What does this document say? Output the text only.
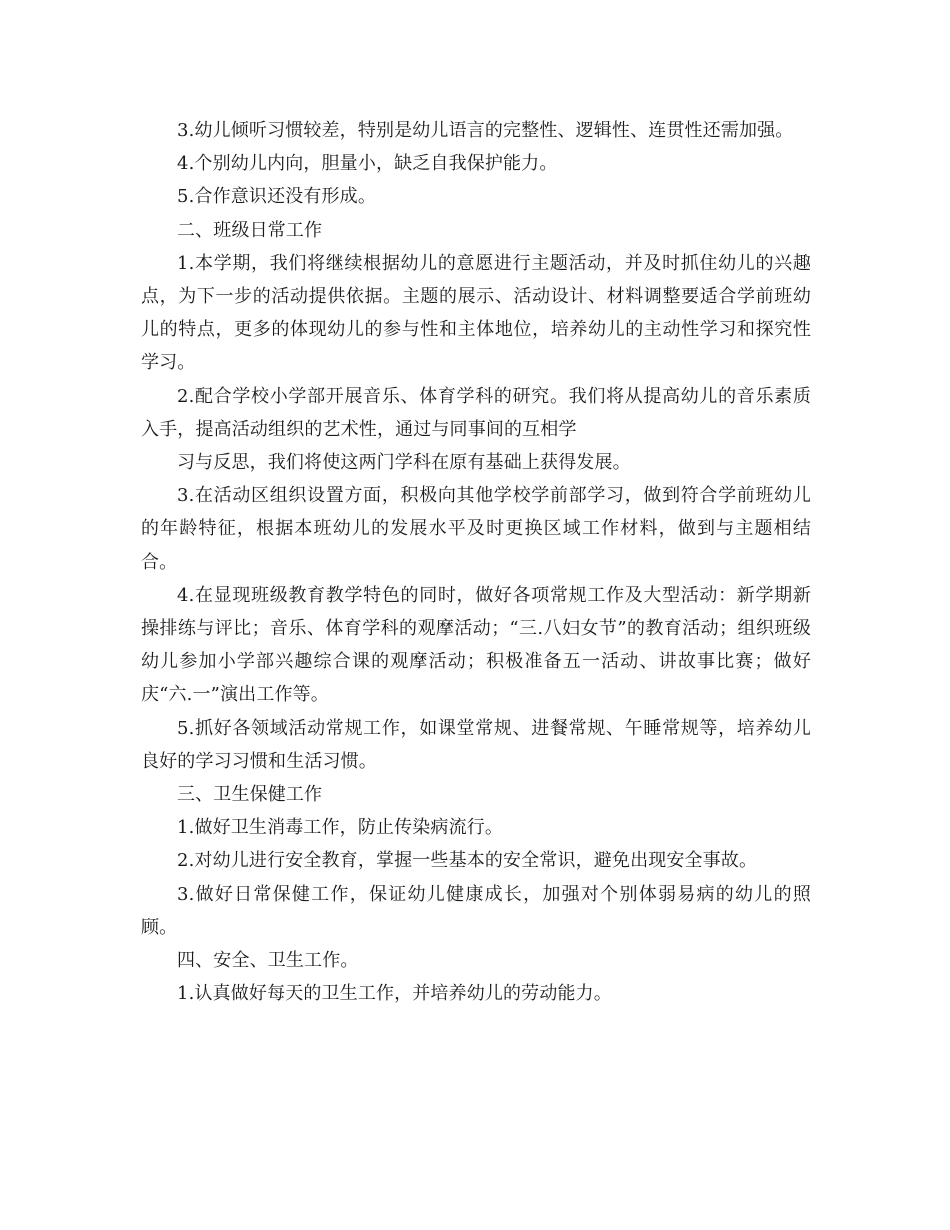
3.幼儿倾听习惯较差，特别是幼儿语言的完整性、逻辑性、连贯性还需加强。

4.个别幼儿内向，胆量小，缺乏自我保护能力。

5.合作意识还没有形成。

二、班级日常工作

1.本学期，我们将继续根据幼儿的意愿进行主题活动，并及时抓住幼儿的兴趣点，为下一步的活动提供依据。主题的展示、活动设计、材料调整要适合学前班幼儿的特点，更多的体现幼儿的参与性和主体地位，培养幼儿的主动性学习和探究性学习。

2.配合学校小学部开展音乐、体育学科的研究。我们将从提高幼儿的音乐素质入手，提高活动组织的艺术性，通过与同事间的互相学

习与反思，我们将使这两门学科在原有基础上获得发展。

3.在活动区组织设置方面，积极向其他学校学前部学习，做到符合学前班幼儿的年龄特征，根据本班幼儿的发展水平及时更换区域工作材料，做到与主题相结合。

4.在显现班级教育教学特色的同时，做好各项常规工作及大型活动：新学期新操排练与评比；音乐、体育学科的观摩活动；“三.八妇女节”的教育活动；组织班级幼儿参加小学部兴趣综合课的观摩活动；积极准备五一活动、讲故事比赛；做好庆“六.一”演出工作等。

5.抓好各领域活动常规工作，如课堂常规、进餐常规、午睡常规等，培养幼儿良好的学习习惯和生活习惯。

三、卫生保健工作

1.做好卫生消毒工作，防止传染病流行。

2.对幼儿进行安全教育，掌握一些基本的安全常识，避免出现安全事故。

3.做好日常保健工作，保证幼儿健康成长，加强对个别体弱易病的幼儿的照顾。

四、安全、卫生工作。

1.认真做好每天的卫生工作，并培养幼儿的劳动能力。
